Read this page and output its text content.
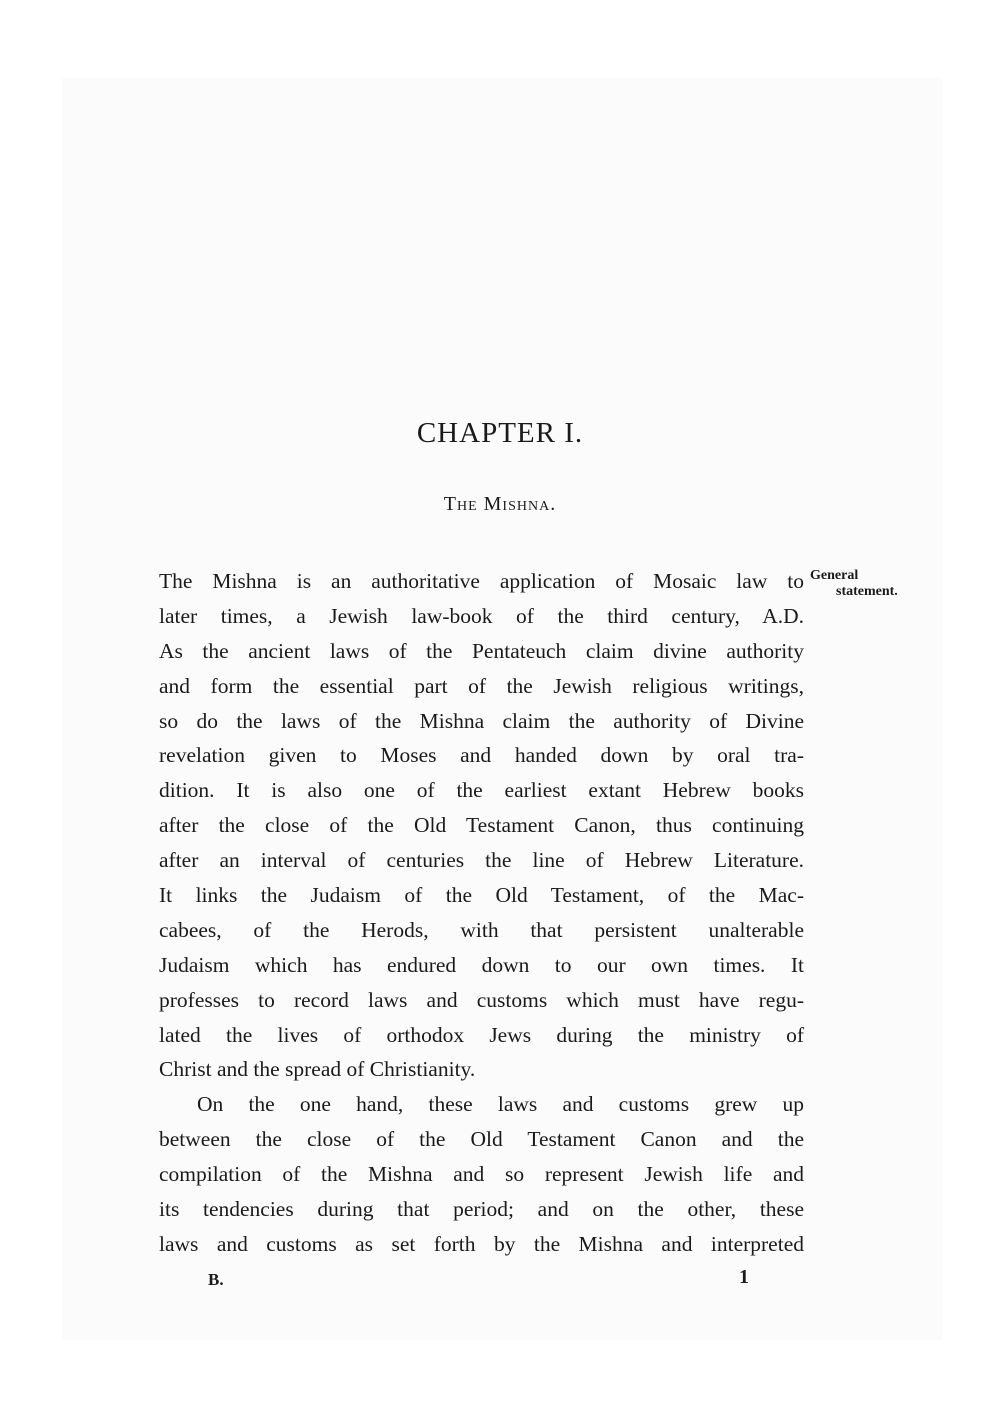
CHAPTER I.
The Mishna.
General
statement.
The Mishna is an authoritative application of Mosaic law to
later times, a Jewish law-book of the third century, A.D.
As the ancient laws of the Pentateuch claim divine authority
and form the essential part of the Jewish religious writings,
so do the laws of the Mishna claim the authority of Divine
revelation given to Moses and handed down by oral tra-
dition. It is also one of the earliest extant Hebrew books
after the close of the Old Testament Canon, thus continuing
after an interval of centuries the line of Hebrew Literature.
It links the Judaism of the Old Testament, of the Mac-
cabees, of the Herods, with that persistent unalterable
Judaism which has endured down to our own times. It
professes to record laws and customs which must have regu-
lated the lives of orthodox Jews during the ministry of
Christ and the spread of Christianity.
On the one hand, these laws and customs grew up
between the close of the Old Testament Canon and the
compilation of the Mishna and so represent Jewish life and
its tendencies during that period; and on the other, these
laws and customs as set forth by the Mishna and interpreted
B.	1
